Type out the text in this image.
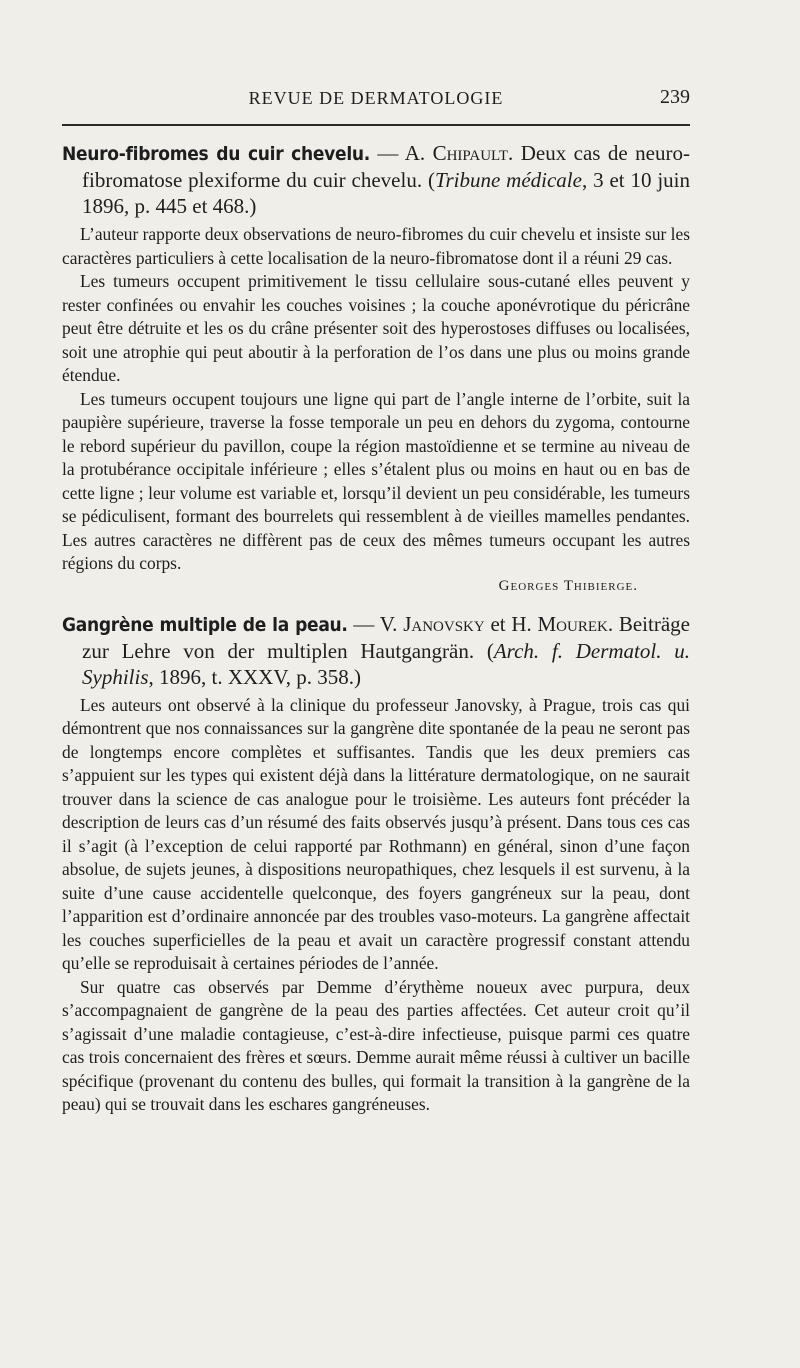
REVUE DE DERMATOLOGIE	239

Neuro-fibromes du cuir chevelu. — A. Chipault. Deux cas de neuro-fibromatose plexiforme du cuir chevelu. (Tribune médicale, 3 et 10 juin 1896, p. 445 et 468.)

L’auteur rapporte deux observations de neuro-fibromes du cuir chevelu et insiste sur les caractères particuliers à cette localisation de la neuro-fibromatose dont il a réuni 29 cas.

Les tumeurs occupent primitivement le tissu cellulaire sous-cutané elles peuvent y rester confinées ou envahir les couches voisines ; la couche aponévrotique du péricrâne peut être détruite et les os du crâne présenter soit des hyperostoses diffuses ou localisées, soit une atrophie qui peut aboutir à la perforation de l’os dans une plus ou moins grande étendue.

Les tumeurs occupent toujours une ligne qui part de l’angle interne de l’orbite, suit la paupière supérieure, traverse la fosse temporale un peu en dehors du zygoma, contourne le rebord supérieur du pavillon, coupe la région mastoïdienne et se termine au niveau de la protubérance occipitale inférieure ; elles s’étalent plus ou moins en haut ou en bas de cette ligne ; leur volume est variable et, lorsqu’il devient un peu considérable, les tumeurs se pédiculisent, formant des bourrelets qui ressemblent à de vieilles mamelles pendantes. Les autres caractères ne diffèrent pas de ceux des mêmes tumeurs occupant les autres régions du corps.

Georges Thibierge.

Gangrène multiple de la peau. — V. Janovsky et H. Mourek. Beiträge zur Lehre von der multiplen Hautgangrän. (Arch. f. Dermatol. u. Syphilis, 1896, t. XXXV, p. 358.)

Les auteurs ont observé à la clinique du professeur Janovsky, à Prague, trois cas qui démontrent que nos connaissances sur la gangrène dite spontanée de la peau ne seront pas de longtemps encore complètes et suffisantes. Tandis que les deux premiers cas s’appuient sur les types qui existent déjà dans la littérature dermatologique, on ne saurait trouver dans la science de cas analogue pour le troisième. Les auteurs font précéder la description de leurs cas d’un résumé des faits observés jusqu’à présent. Dans tous ces cas il s’agit (à l’exception de celui rapporté par Rothmann) en général, sinon d’une façon absolue, de sujets jeunes, à dispositions neuropathiques, chez lesquels il est survenu, à la suite d’une cause accidentelle quelconque, des foyers gangréneux sur la peau, dont l’apparition est d’ordinaire annoncée par des troubles vaso-moteurs. La gangrène affectait les couches superficielles de la peau et avait un caractère progressif constant attendu qu’elle se reproduisait à certaines périodes de l’année.

Sur quatre cas observés par Demme d’érythème noueux avec purpura, deux s’accompagnaient de gangrène de la peau des parties affectées. Cet auteur croit qu’il s’agissait d’une maladie contagieuse, c’est-à-dire infectieuse, puisque parmi ces quatre cas trois concernaient des frères et sœurs. Demme aurait même réussi à cultiver un bacille spécifique (provenant du contenu des bulles, qui formait la transition à la gangrène de la peau) qui se trouvait dans les eschares gangréneuses.
